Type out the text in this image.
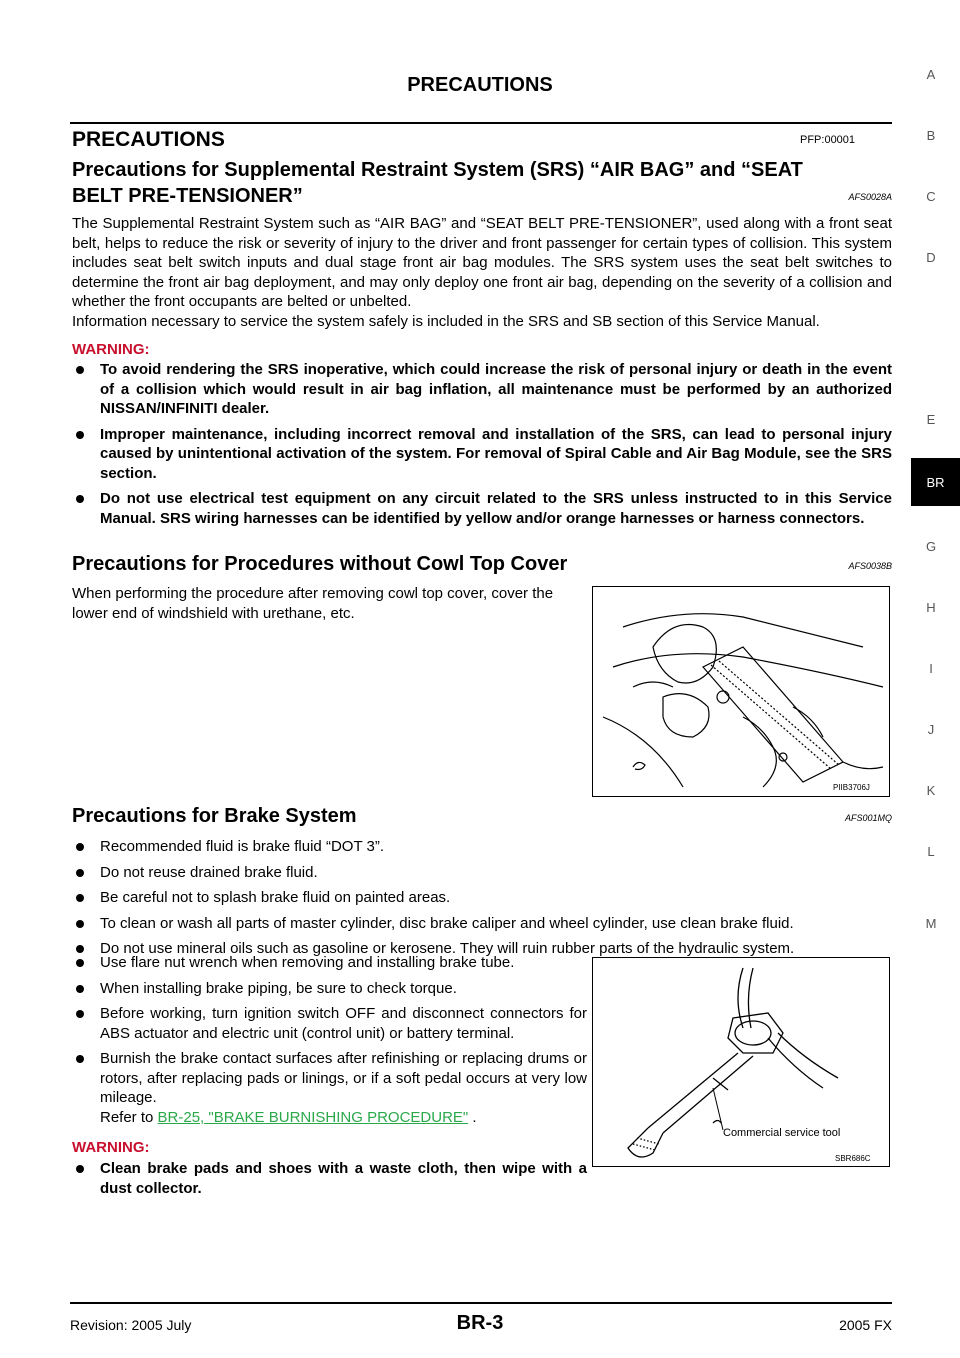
PRECAUTIONS	A
B
C
D
E
BR
G
H
I
J
K
L
M
PRECAUTIONS	PFP:00001
Precautions for Supplemental Restraint System (SRS) “AIR BAG” and “SEAT
BELT PRE-TENSIONER”	AFS0028A

The Supplemental Restraint System such as “AIR BAG” and “SEAT BELT PRE-TENSIONER”, used along with a front seat belt, helps to reduce the risk or severity of injury to the driver and front passenger for certain types of collision. This system includes seat belt switch inputs and dual stage front air bag modules. The SRS system uses the seat belt switches to determine the front air bag deployment, and may only deploy one front air bag, depending on the severity of a collision and whether the front occupants are belted or unbelted.

Information necessary to service the system safely is included in the SRS and SB section of this Service Manual.

WARNING:
To avoid rendering the SRS inoperative, which could increase the risk of personal injury or death in the event of a collision which would result in air bag inflation, all maintenance must be performed by an authorized NISSAN/INFINITI dealer.
Improper maintenance, including incorrect removal and installation of the SRS, can lead to personal injury caused by unintentional activation of the system. For removal of Spiral Cable and Air Bag Module, see the SRS section.
Do not use electrical test equipment on any circuit related to the SRS unless instructed to in this Service Manual. SRS wiring harnesses can be identified by yellow and/or orange harnesses or harness connectors.
Precautions for Procedures without Cowl Top Cover	AFS0038B

When performing the procedure after removing cowl top cover, cover the lower end of windshield with urethane, etc.

PIIB3706J
Precautions for Brake System	AFS001MQ
Recommended fluid is brake fluid “DOT 3”.
Do not reuse drained brake fluid.
Be careful not to splash brake fluid on painted areas.
To clean or wash all parts of master cylinder, disc brake caliper and wheel cylinder, use clean brake fluid.
Do not use mineral oils such as gasoline or kerosene. They will ruin rubber parts of the hydraulic system.
Use flare nut wrench when removing and installing brake tube.
When installing brake piping, be sure to check torque.
Before working, turn ignition switch OFF and disconnect connectors for ABS actuator and electric unit (control unit) or battery terminal.
Burnish the brake contact surfaces after refinishing or replacing drums or rotors, after replacing pads or linings, or if a soft pedal occurs at very low mileage.
Refer to BR-25, "BRAKE BURNISHING PROCEDURE" .
WARNING:
Clean brake pads and shoes with a waste cloth, then wipe with a dust collector.
Commercial service tool
SBR686C
Revision: 2005 July	BR-3	2005 FX
